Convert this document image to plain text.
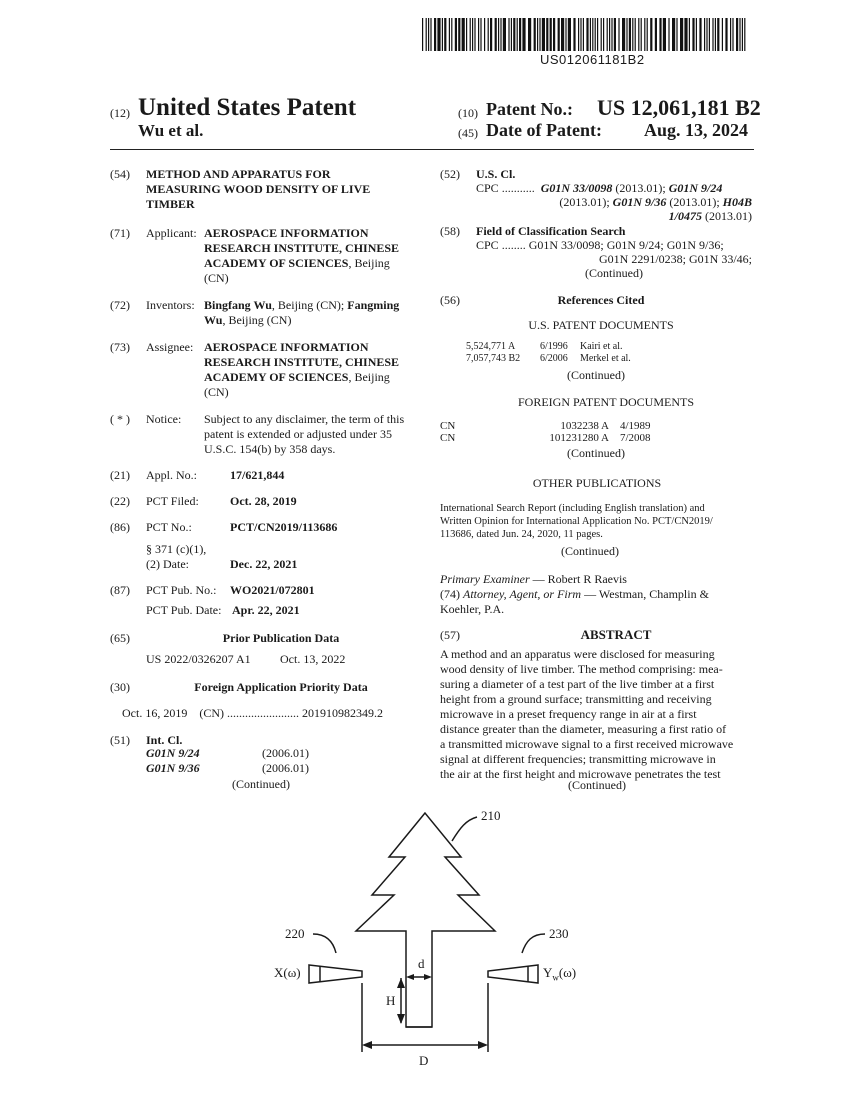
US012061181B2
(12) United States Patent
Wu et al.
(10) Patent No.: US 12,061,181 B2
(45) Date of Patent: Aug. 13, 2024
(54) METHOD AND APPARATUS FOR
MEASURING WOOD DENSITY OF LIVE
TIMBER
(71) Applicant: AEROSPACE INFORMATION
RESEARCH INSTITUTE, CHINESE
ACADEMY OF SCIENCES, Beijing
(CN)
(72) Inventors: Bingfang Wu, Beijing (CN); Fangming
Wu, Beijing (CN)
(73) Assignee: AEROSPACE INFORMATION
RESEARCH INSTITUTE, CHINESE
ACADEMY OF SCIENCES, Beijing
(CN)
( * ) Notice: Subject to any disclaimer, the term of this
patent is extended or adjusted under 35
U.S.C. 154(b) by 358 days.
(21) Appl. No.:	17/621,844
(22) PCT Filed:	Oct. 28, 2019
(86) PCT No.:	PCT/CN2019/113686
§ 371 (c)(1),
(2) Date:	Dec. 22, 2021
(87) PCT Pub. No.: WO2021/072801
PCT Pub. Date: Apr. 22, 2021
(65)	Prior Publication Data
US 2022/0326207 A1 Oct. 13, 2022
(30)	Foreign Application Priority Data
Oct. 16, 2019 (CN) ........................ 201910982349.2
(51) Int. Cl.
G01N 9/24	(2006.01)
G01N 9/36	(2006.01)
(Continued)
(52) U.S. Cl.
CPC ........... G01N 33/0098 (2013.01); G01N 9/24
(2013.01); G01N 9/36 (2013.01); H04B
1/0475 (2013.01)
(58) Field of Classification Search
CPC ........ G01N 33/0098; G01N 9/24; G01N 9/36;
G01N 2291/0238; G01N 33/46;
(Continued)
(56)	References Cited
U.S. PATENT DOCUMENTS
5,524,771 A 6/1996 Kairi et al.
7,057,743 B2 6/2006 Merkel et al.
(Continued)
FOREIGN PATENT DOCUMENTS
CN	1032238 A 4/1989
CN	101231280 A 7/2008
(Continued)
OTHER PUBLICATIONS
International Search Report (including English translation) and
Written Opinion for International Application No. PCT/CN2019/
113686, dated Jun. 24, 2020, 11 pages.
(Continued)
Primary Examiner — Robert R Raevis
(74) Attorney, Agent, or Firm — Westman, Champlin &
Koehler, P.A.
(57)	ABSTRACT
A method and an apparatus were disclosed for measuring
wood density of live timber. The method comprising: mea-
suring a diameter of a test part of the live timber at a first
height from a ground surface; transmitting and receiving
microwave in a preset frequency range in air at a first
distance greater than the diameter, measuring a first ratio of
a transmitted microwave signal to a first received microwave
signal at different frequencies; transmitting microwave in
the air at the first height and microwave penetrates the test
(Continued)
210
220	230
X(ω)	$Y_w(\omega)$
d
H
D
